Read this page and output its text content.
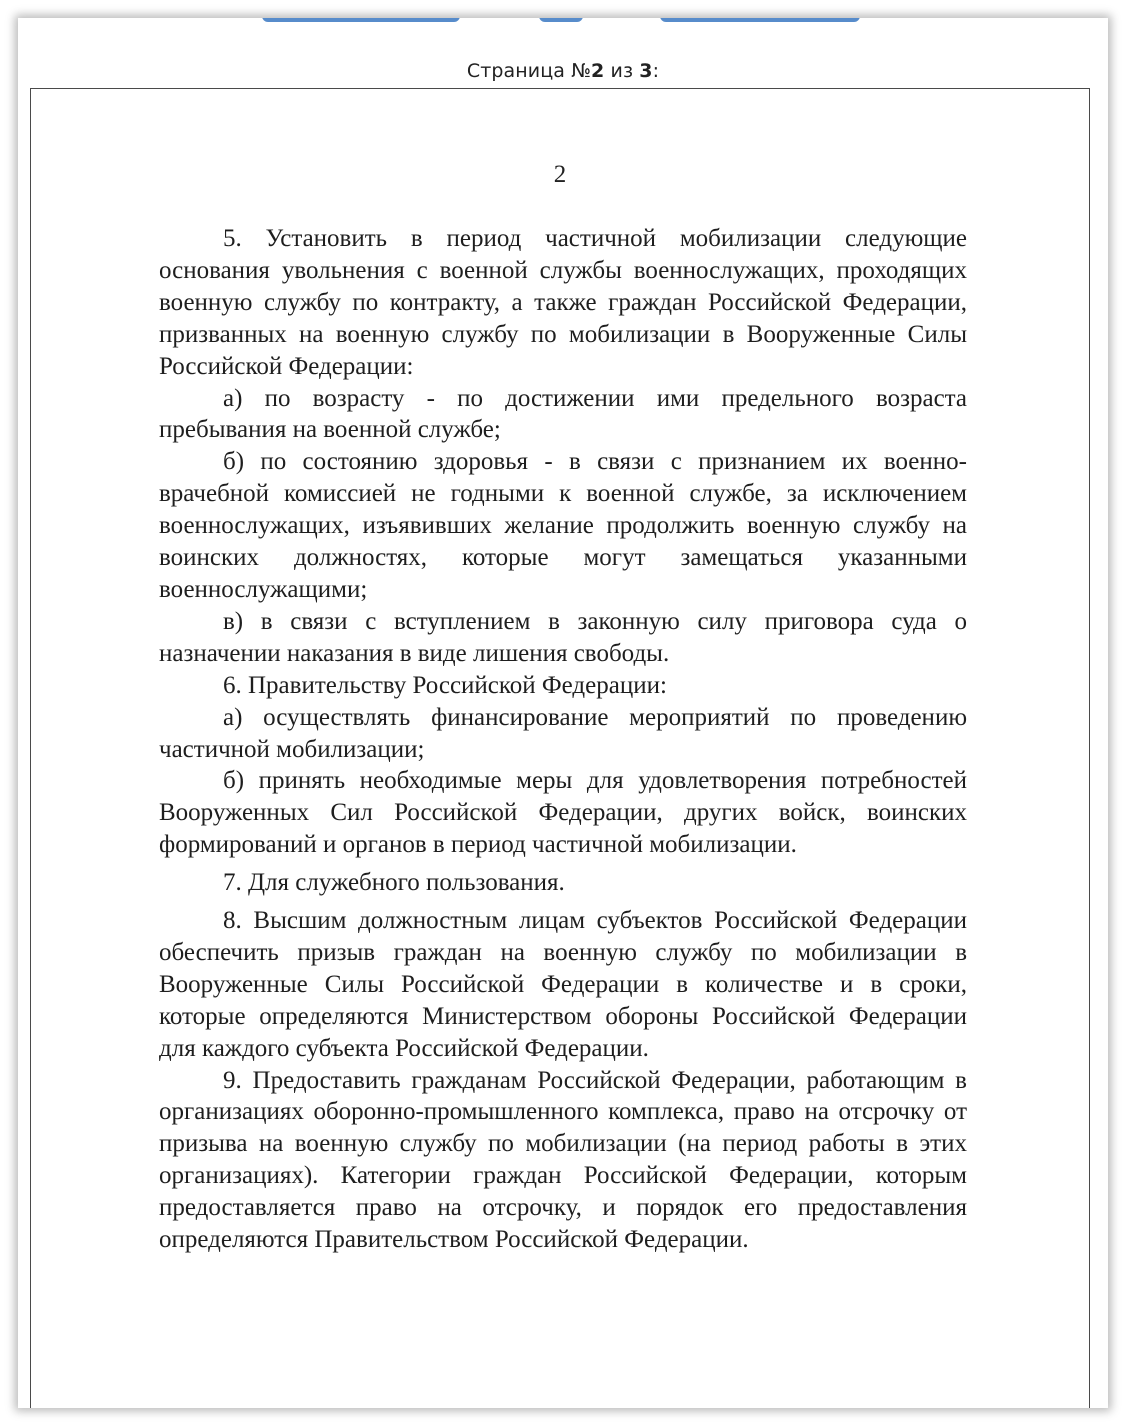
Страница №2 из 3:
2

5. Установить в период частичной мобилизации следующие основания увольнения с военной службы военнослужащих, проходящих военную службу по контракту, а также граждан Российской Федерации, призванных на военную службу по мобилизации в Вооруженные Силы Российской Федерации:

а) по возрасту - по достижении ими предельного возраста пребывания на военной службе;

б) по состоянию здоровья - в связи с признанием их военно-врачебной комиссией не годными к военной службе, за исключением военнослужащих, изъявивших желание продолжить военную службу на воинских должностях, которые могут замещаться указанными военнослужащими;

в) в связи с вступлением в законную силу приговора суда о назначении наказания в виде лишения свободы.

6. Правительству Российской Федерации:

а) осуществлять финансирование мероприятий по проведению частичной мобилизации;

б) принять необходимые меры для удовлетворения потребностей Вооруженных Сил Российской Федерации, других войск, воинских формирований и органов в период частичной мобилизации.

7. Для служебного пользования.

8. Высшим должностным лицам субъектов Российской Федерации обеспечить призыв граждан на военную службу по мобилизации в Вооруженные Силы Российской Федерации в количестве и в сроки, которые определяются Министерством обороны Российской Федерации для каждого субъекта Российской Федерации.

9. Предоставить гражданам Российской Федерации, работающим в организациях оборонно-промышленного комплекса, право на отсрочку от призыва на военную службу по мобилизации (на период работы в этих организациях). Категории граждан Российской Федерации, которым предоставляется право на отсрочку, и порядок его предоставления определяются Правительством Российской Федерации.
